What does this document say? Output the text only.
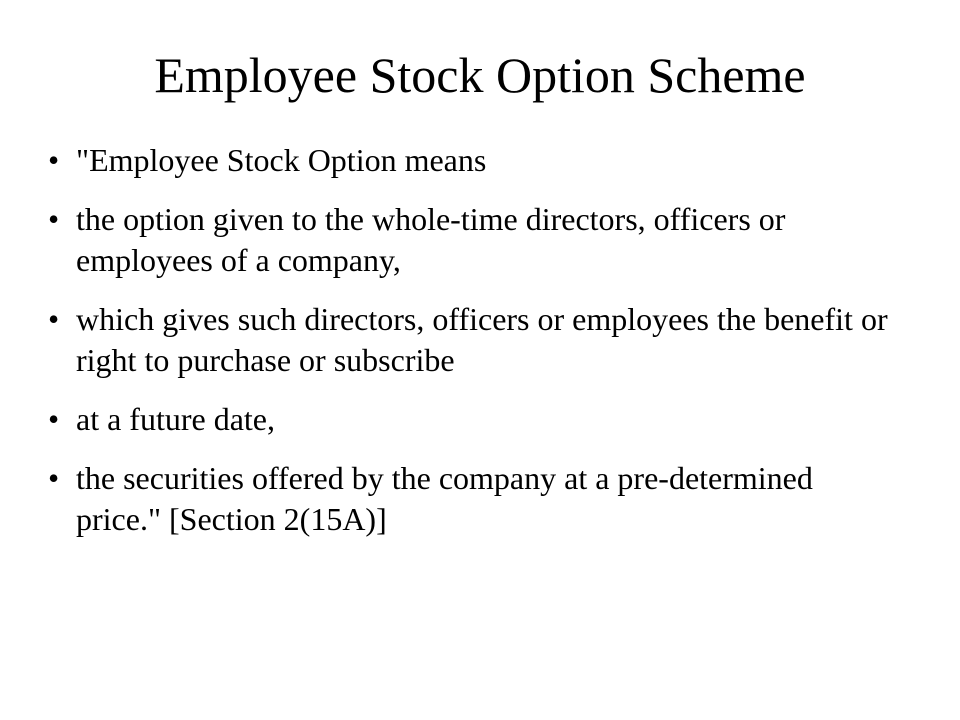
Employee Stock Option Scheme
• "Employee Stock Option means
• the option given to the whole-time directors, officers or employees of a company,
• which gives such directors, officers or employees the benefit or right to purchase or subscribe
• at a future date,
• the securities offered by the company at a pre-determined price." [Section 2(15A)]
